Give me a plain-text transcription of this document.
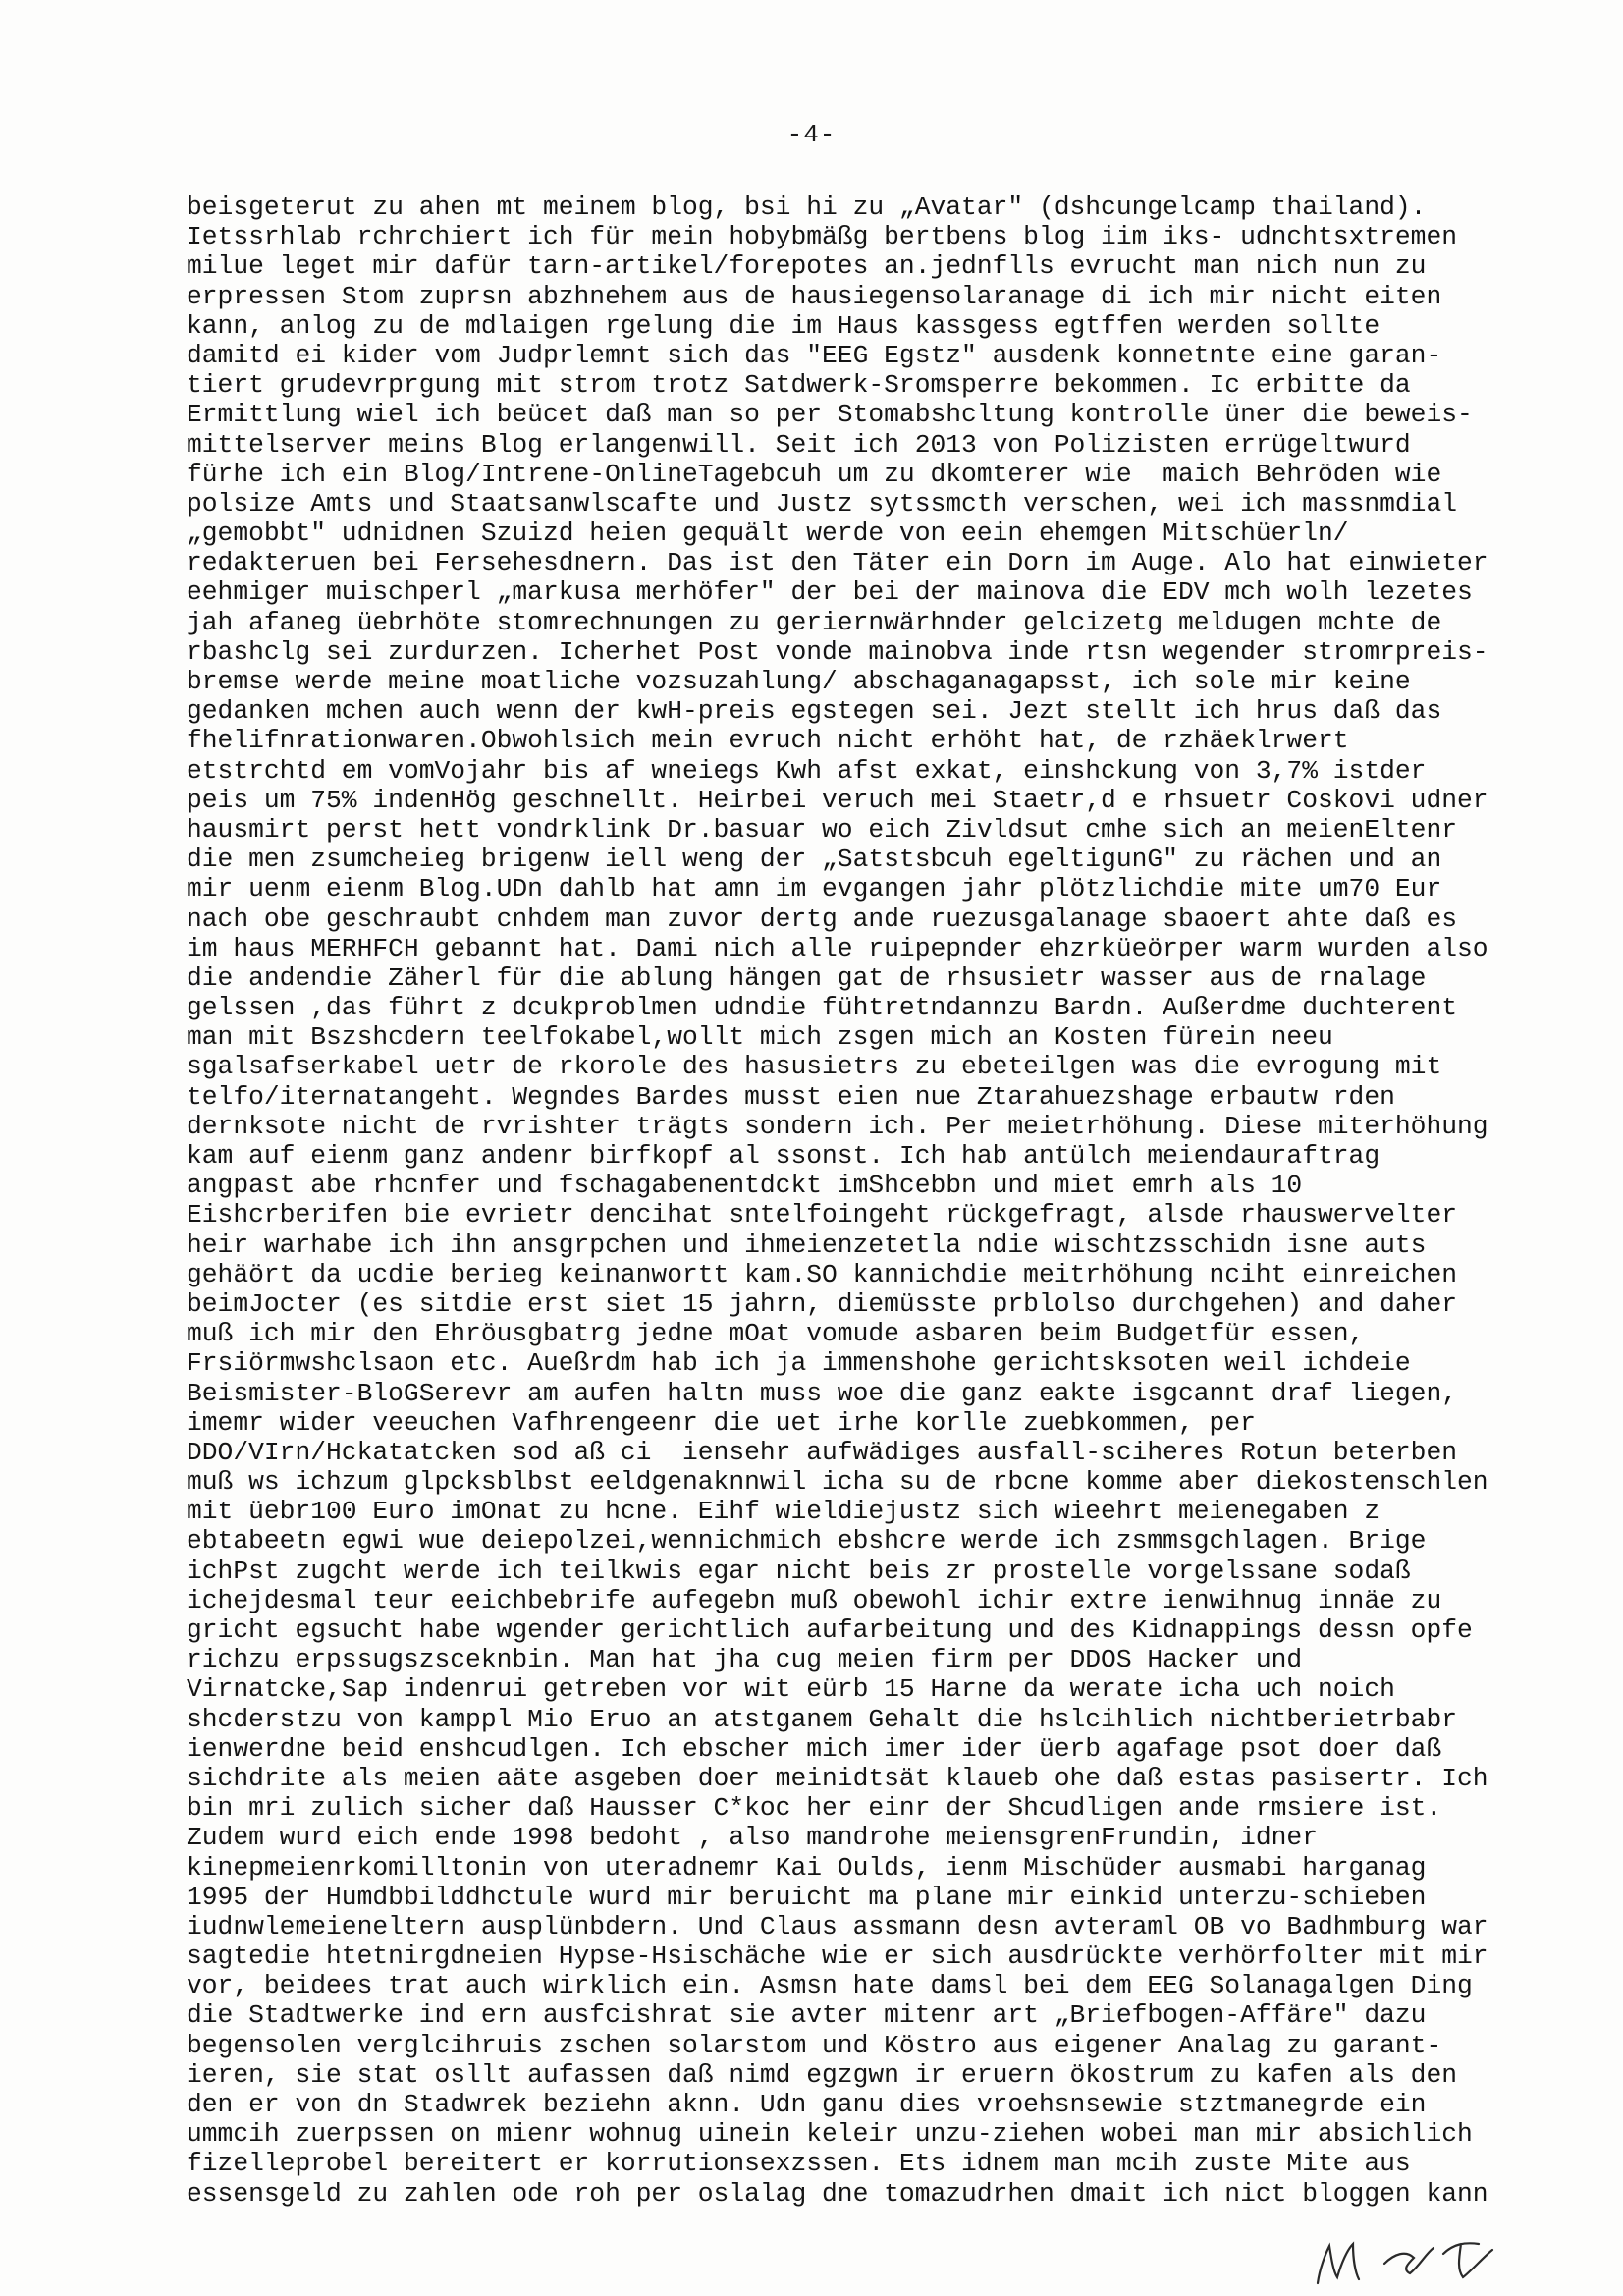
-4-
beisgeterut zu ahen mt meinem blog, bsi hi zu „Avatar" (dshcungelcamp thailand).
Ietssrhlab rchrchiert ich für mein hobybmäßg bertbens blog iim iks- udnchtsxtremen
milue leget mir dafür tarn-artikel/forepotes an.jednflls evrucht man nich nun zu
erpressen Stom zuprsn abzhnehem aus de hausiegensolaranage di ich mir nicht eiten
kann, anlog zu de mdlaigen rgelung die im Haus kassgess egtffen werden sollte
damitd ei kider vom Judprlemnt sich das "EEG Egstz" ausdenk konnetnte eine garan-
tiert grudevrprgung mit strom trotz Satdwerk-Sromsperre bekommen. Ic erbitte da
Ermittlung wiel ich beücet daß man so per Stomabshcltung kontrolle üner die beweis-
mittelserver meins Blog erlangenwill. Seit ich 2013 von Polizisten errügeltwurd
fürhe ich ein Blog/Intrene-OnlineTagebcuh um zu dkomterer wie  maich Behröden wie
polsize Amts und Staatsanwlscafte und Justz sytssmcth verschen, wei ich massnmdial
„gemobbt" udnidnen Szuizd heien gequält werde von eein ehemgen Mitschüerln/
redakteruen bei Fersehesdnern. Das ist den Täter ein Dorn im Auge. Alo hat einwieter
eehmiger muischperl „markusa merhöfer" der bei der mainova die EDV mch wolh lezetes
jah afaneg üebrhöte stomrechnungen zu geriernwärhnder gelcizetg meldugen mchte de
rbashclg sei zurdurzen. Icherhet Post vonde mainobva inde rtsn wegender stromrpreis-
bremse werde meine moatliche vozsuzahlung/ abschaganagapsst, ich sole mir keine
gedanken mchen auch wenn der kwH-preis egstegen sei. Jezt stellt ich hrus daß das
fhelifnrationwaren.Obwohlsich mein evruch nicht erhöht hat, de rzhäeklrwert
etstrchtd em vomVojahr bis af wneiegs Kwh afst exkat, einshckung von 3,7% istder
peis um 75% indenHög geschnellt. Heirbei veruch mei Staetr,d e rhsuetr Coskovi udner
hausmirt perst hett vondrklink Dr.basuar wo eich Zivldsut cmhe sich an meienEltenr
die men zsumcheieg brigenw iell weng der „Satstsbcuh egeltigunG" zu rächen und an
mir uenm eienm Blog.UDn dahlb hat amn im evgangen jahr plötzlichdie mite um70 Eur
nach obe geschraubt cnhdem man zuvor dertg ande ruezusgalanage sbaoert ahte daß es
im haus MERHFCH gebannt hat. Dami nich alle ruipepnder ehzrküeörper warm wurden also
die andendie Zäherl für die ablung hängen gat de rhsusietr wasser aus de rnalage
gelssen ,das führt z dcukproblmen udndie fühtretndannzu Bardn. Außerdme duchterent
man mit Bszshcdern teelfokabel,wollt mich zsgen mich an Kosten fürein neeu
sgalsafserkabel uetr de rkorole des hasusietrs zu ebeteilgen was die evrogung mit
telfo/iternatangeht. Wegndes Bardes musst eien nue Ztarahuezshage erbautw rden
dernksote nicht de rvrishter trägts sondern ich. Per meietrhöhung. Diese miterhöhung
kam auf eienm ganz andenr birfkopf al ssonst. Ich hab antülch meiendauraftrag
angpast abe rhcnfer und fschagabenentdckt imShcebbn und miet emrh als 10
Eishcrberifen bie evrietr dencihat sntelfoingeht rückgefragt, alsde rhauswervelter
heir warhabe ich ihn ansgrpchen und ihmeienzetetla ndie wischtzsschidn isne auts
gehäört da ucdie berieg keinanwortt kam.SO kannichdie meitrhöhung nciht einreichen
beimJocter (es sitdie erst siet 15 jahrn, diemüsste prblolso durchgehen) and daher
muß ich mir den Ehröusgbatrg jedne mOat vomude asbaren beim Budgetfür essen,
Frsiörmwshclsaon etc. Aueßrdm hab ich ja immenshohe gerichtsksoten weil ichdeie
Beismister-BloGSerevr am aufen haltn muss woe die ganz eakte isgcannt draf liegen,
imemr wider veeuchen Vafhrengeenr die uet irhe korlle zuebkommen, per
DDO/VIrn/Hckatatcken sod aß ci  iensehr aufwädiges ausfall-sciheres Rotun beterben
muß ws ichzum glpcksblbst eeldgenaknnwil icha su de rbcne komme aber diekostenschlen
mit üebr100 Euro imOnat zu hcne. Eihf wieldiejustz sich wieehrt meienegaben z
ebtabeetn egwi wue deiepolzei,wennichmich ebshcre werde ich zsmmsgchlagen. Brige
ichPst zugcht werde ich teilkwis egar nicht beis zr prostelle vorgelssane sodaß
ichejdesmal teur eeichbebrife aufegebn muß obewohl ichir extre ienwihnug innäe zu
gricht egsucht habe wgender gerichtlich aufarbeitung und des Kidnappings dessn opfe
richzu erpssugszsceknbin. Man hat jha cug meien firm per DDOS Hacker und
Virnatcke,Sap indenrui getreben vor wit eürb 15 Harne da werate icha uch noich
shcderstzu von kamppl Mio Eruo an atstganem Gehalt die hslcihlich nichtberietrbabr
ienwerdne beid enshcudlgen. Ich ebscher mich imer ider üerb agafage psot doer daß
sichdrite als meien aäte asgeben doer meinidtsät klaueb ohe daß estas pasisertr. Ich
bin mri zulich sicher daß Hausser C*koc her einr der Shcudligen ande rmsiere ist.
Zudem wurd eich ende 1998 bedoht , also mandrohe meiensgrenFrundin, idner
kinepmeienrkomilltonin von uteradnemr Kai Oulds, ienm Mischüder ausmabi harganag
1995 der Humdbbilddhctule wurd mir beruicht ma plane mir einkid unterzu-schieben
iudnwlemeieneltern ausplünbdern. Und Claus assmann desn avteraml OB vo Badhmburg war
sagtedie htetnirgdneien Hypse-Hsischäche wie er sich ausdrückte verhörfolter mit mir
vor, beidees trat auch wirklich ein. Asmsn hate damsl bei dem EEG Solanagalgen Ding
die Stadtwerke ind ern ausfcishrat sie avter mitenr art „Briefbogen-Affäre" dazu
begensolen verglcihruis zschen solarstom und Köstro aus eigener Analag zu garant-
ieren, sie stat osllt aufassen daß nimd egzgwn ir eruern ökostrum zu kafen als den
den er von dn Stadwrek beziehn aknn. Udn ganu dies vroehsnsewie stztmanegrde ein
ummcih zuerpssen on mienr wohnug uinein keleir unzu-ziehen wobei man mir absichlich
fizelleprobel bereitert er korrutionsexzssen. Ets idnem man mcih zuste Mite aus
essensgeld zu zahlen ode roh per oslalag dne tomazudrhen dmait ich nict bloggen kann
